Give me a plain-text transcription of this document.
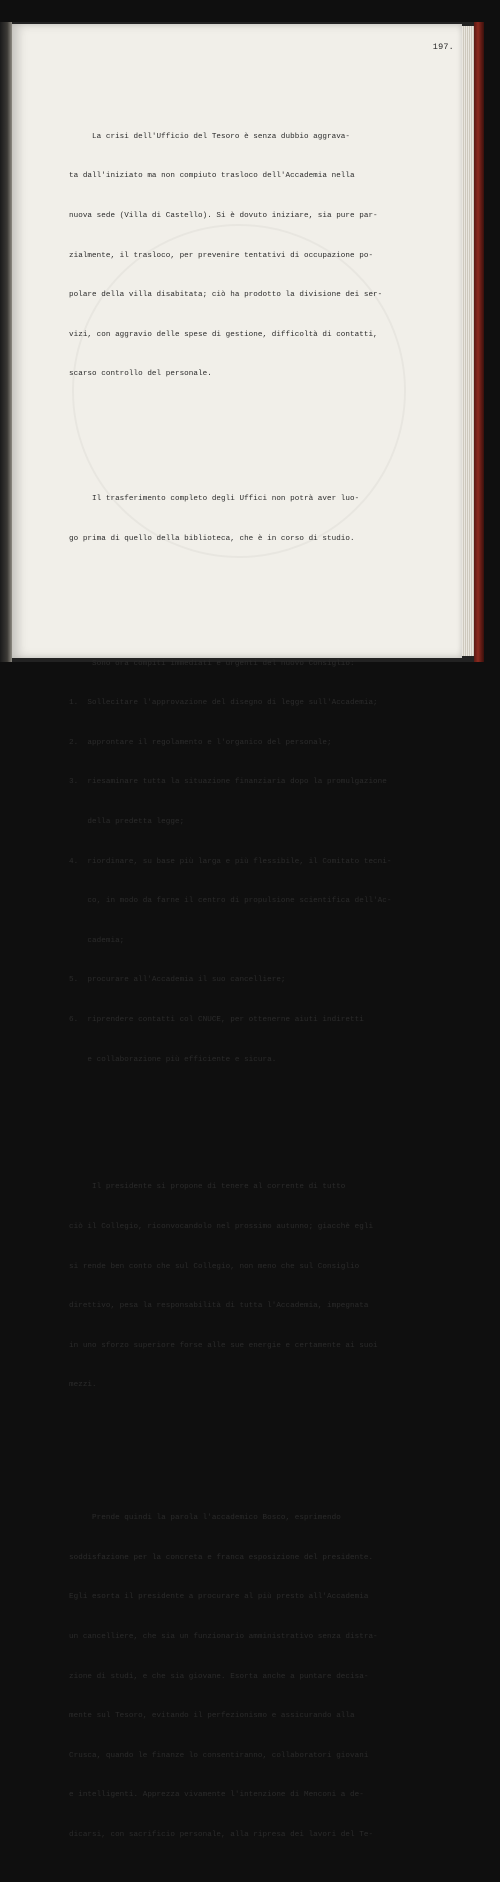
197.

La crisi dell'Ufficio del Tesoro è senza dubbio aggrava-

ta dall'iniziato ma non compiuto trasloco dell'Accademia nella

nuova sede (Villa di Castello). Si è dovuto iniziare, sia pure par-

zialmente, il trasloco, per prevenire tentativi di occupazione po-

polare della villa disabitata; ciò ha prodotto la divisione dei ser-

vizi, con aggravio delle spese di gestione, difficoltà di contatti,

scarso controllo del personale.

Il trasferimento completo degli Uffici non potrà aver luo-

go prima di quello della biblioteca, che è in corso di studio.

Sono ora compiti immediati e urgenti del nuovo Consiglio:

1.  Sollecitare l'approvazione del disegno di legge sull'Accademia;

2.  approntare il regolamento e l'organico del personale;

3.  riesaminare tutta la situazione finanziaria dopo la promulgazione

della predetta legge;

4.  riordinare, su base più larga e più flessibile, il Comitato tecni-

co, in modo da farne il centro di propulsione scientifica dell'Ac-

cademia;

5.  procurare all'Accademia il suo cancelliere;

6.  riprendere contatti col CNUCE, per ottenerne aiuti indiretti

e collaborazione più efficiente e sicura.

Il presidente si propone di tenere al corrente di tutto

ciò il Collegio, riconvocandolo nel prossimo autunno; giacchè egli

si rende ben conto che sul Collegio, non meno che sul Consiglio

direttivo, pesa la responsabilità di tutta l'Accademia, impegnata

in uno sforzo superiore forse alle sue energie e certamente ai suoi

mezzi.

Prende quindi la parola l'accademico Bosco, esprimendo

soddisfazione per la concreta e franca esposizione del presidente.

Egli esorta il presidente a procurare al più presto all'Accademia

un cancelliere, che sia un funzionario amministrativo senza distra-

zione di studi, e che sia giovane. Esorta anche a puntare decisa-

mente sul Tesoro, evitando il perfezionismo e assicurando alla

Crusca, quando le finanze lo consentiranno, collaboratori giovani

e intelligenti. Apprezza vivamente l'intenzione di Menconi a de-

dicarsi, con sacrificio personale, alla ripresa dei lavori del Te-
